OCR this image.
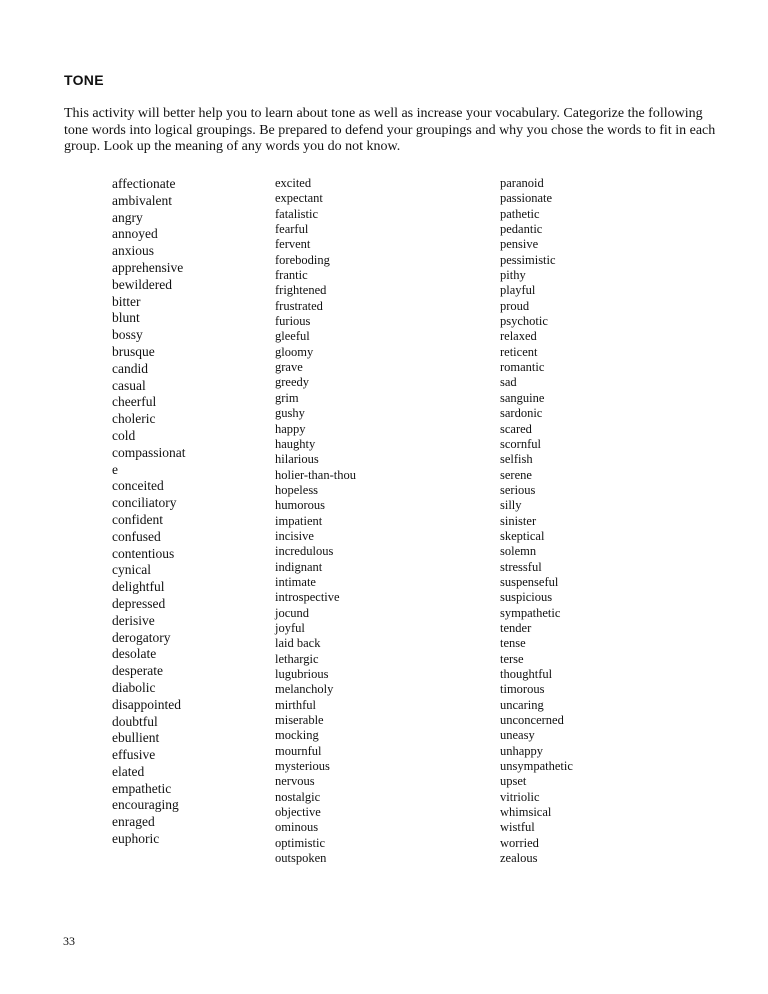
TONE
This activity will better help you to learn about tone as well as increase your vocabulary. Categorize the following tone words into logical groupings. Be prepared to defend your groupings and why you chose the words to fit in each group. Look up the meaning of any words you do not know.
affectionate
ambivalent
angry
annoyed
anxious
apprehensive
bewildered
bitter
blunt
bossy
brusque
candid
casual
cheerful
choleric
cold
compassionat
e
conceited
conciliatory
confident
confused
contentious
cynical
delightful
depressed
derisive
derogatory
desolate
desperate
diabolic
disappointed
doubtful
ebullient
effusive
elated
empathetic
encouraging
enraged
euphoric
excited
expectant
fatalistic
fearful
fervent
foreboding
frantic
frightened
frustrated
furious
gleeful
gloomy
grave
greedy
grim
gushy
happy
haughty
hilarious
holier-than-thou
hopeless
humorous
impatient
incisive
incredulous
indignant
intimate
introspective
jocund
joyful
laid back
lethargic
lugubrious
melancholy
mirthful
miserable
mocking
mournful
mysterious
nervous
nostalgic
objective
ominous
optimistic
outspoken
paranoid
passionate
pathetic
pedantic
pensive
pessimistic
pithy
playful
proud
psychotic
relaxed
reticent
romantic
sad
sanguine
sardonic
scared
scornful
selfish
serene
serious
silly
sinister
skeptical
solemn
stressful
suspenseful
suspicious
sympathetic
tender
tense
terse
thoughtful
timorous
uncaring
unconcerned
uneasy
unhappy
unsympathetic
upset
vitriolic
whimsical
wistful
worried
zealous
33
